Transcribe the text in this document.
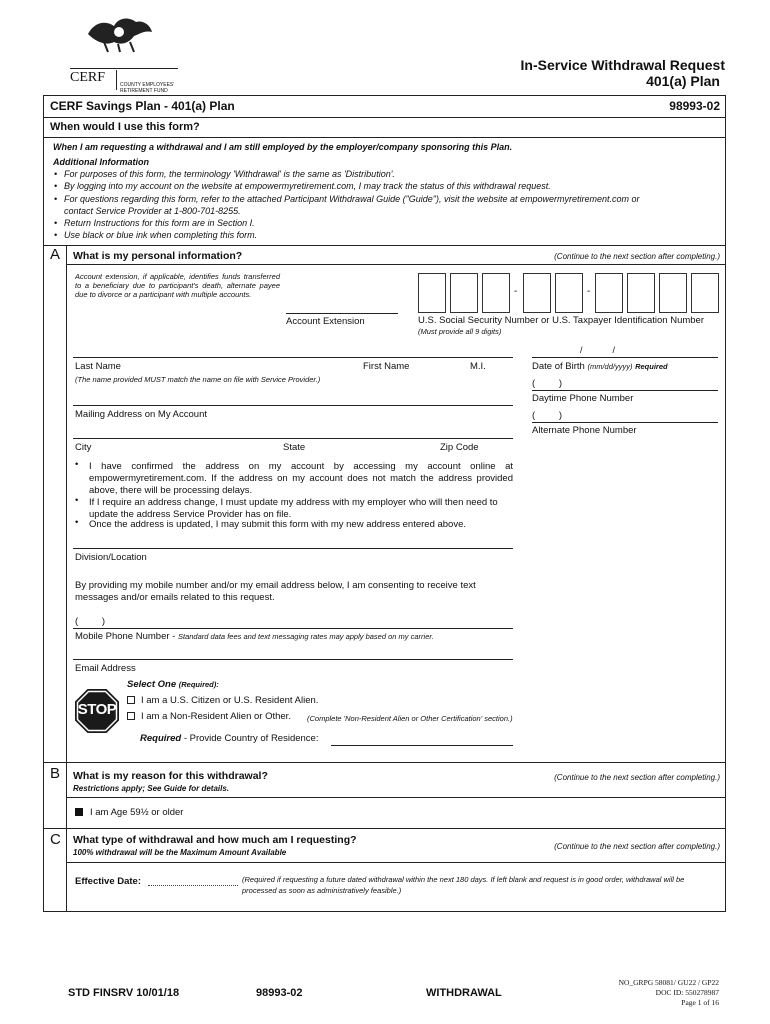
CERF	COUNTY EMPLOYEES'
RETIREMENT FUND
In-Service Withdrawal Request
401(a) Plan
CERF Savings Plan - 401(a) Plan	98993-02
When would I use this form?
When I am requesting a withdrawal and I am still employed by the employer/company sponsoring this Plan.
Additional Information
• For purposes of this form, the terminology 'Withdrawal' is the same as 'Distribution'.
• By logging into my account on the website at empowermyretirement.com, I may track the status of this withdrawal request.
• For questions regarding this form, refer to the attached Participant Withdrawal Guide ("Guide"), visit the website at empowermyretirement.com or
contact Service Provider at 1-800-701-8255.
• Return Instructions for this form are in Section I.
• Use black or blue ink when completing this form.
A What is my personal information?	(Continue to the next section after completing.)
Account extension, if applicable, identifies funds transferred to a beneficiary due to participant's death, alternate payee due to divorce or a participant with multiple accounts.
Account Extension
-	-
U.S. Social Security Number or U.S. Taxpayer Identification Number
(Must provide all 9 digits)
Last Name	First Name	M.I.
(The name provided MUST match the name on file with Service Provider.)
/            /
Date of Birth (mm/dd/yyyy) Required
(         )
Daytime Phone Number
Mailing Address on My Account	(         )
Alternate Phone Number
City	State	Zip Code
• I have confirmed the address on my account by accessing my account online at empowermyretirement.com. If the address on my account does not match the address provided above, there will be processing delays.
• If I require an address change, I must update my address with my employer who will then need to update the address Service Provider has on file.
• Once the address is updated, I may submit this form with my new address entered above.
Division/Location
By providing my mobile number and/or my email address below, I am consenting to receive text messages and/or emails related to this request.
(         )
Mobile Phone Number - Standard data fees and text messaging rates may apply based on my carrier.
Email Address
Select One (Required):
STOP
I am a U.S. Citizen or U.S. Resident Alien.
I am a Non-Resident Alien or Other.	(Complete 'Non-Resident Alien or Other Certification' section.)
Required - Provide Country of Residence:
B What is my reason for this withdrawal?
Restrictions apply; See Guide for details.
(Continue to the next section after completing.)
I am Age 59½ or older
C What type of withdrawal and how much am I requesting?
100% withdrawal will be the Maximum Amount Available
(Continue to the next section after completing.)
Effective Date:	(Required if requesting a future dated withdrawal within the next 180 days. If left blank and request is in good order, withdrawal will be processed as soon as administratively feasible.)
STD FINSRV 10/01/18	98993-02	WITHDRAWAL
NO_GRPG 58081/ GU22 / GP22
DOC ID: 550278987
Page 1 of 16
